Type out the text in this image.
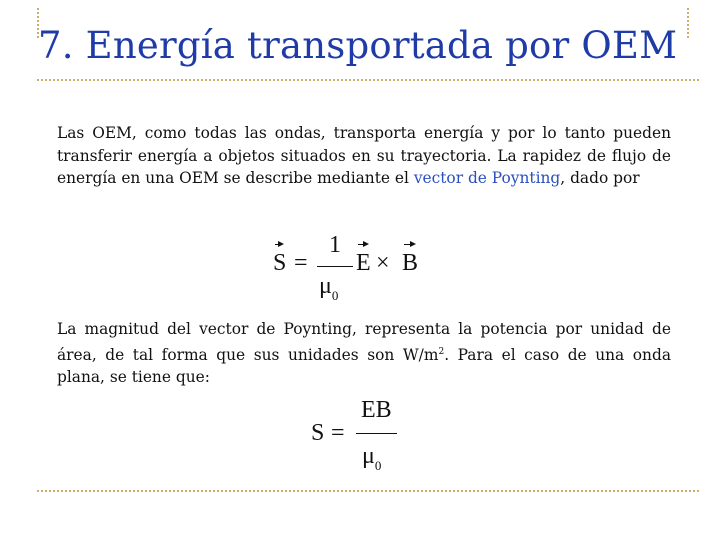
7. Energía transportada por OEM

Las OEM, como todas las ondas, transporta energía y por lo tanto pueden transferir energía a objetos situados en su trayectoria. La rapidez de flujo de energía en una OEM se describe mediante el vector de Poynting, dado por

S =
1
$\mu_0$
E × B

La magnitud del vector de Poynting, representa la potencia por unidad de área, de tal forma que sus unidades son $W/m^2$. Para el caso de una onda plana, se tiene que:

S =
EB
$\mu_0$
